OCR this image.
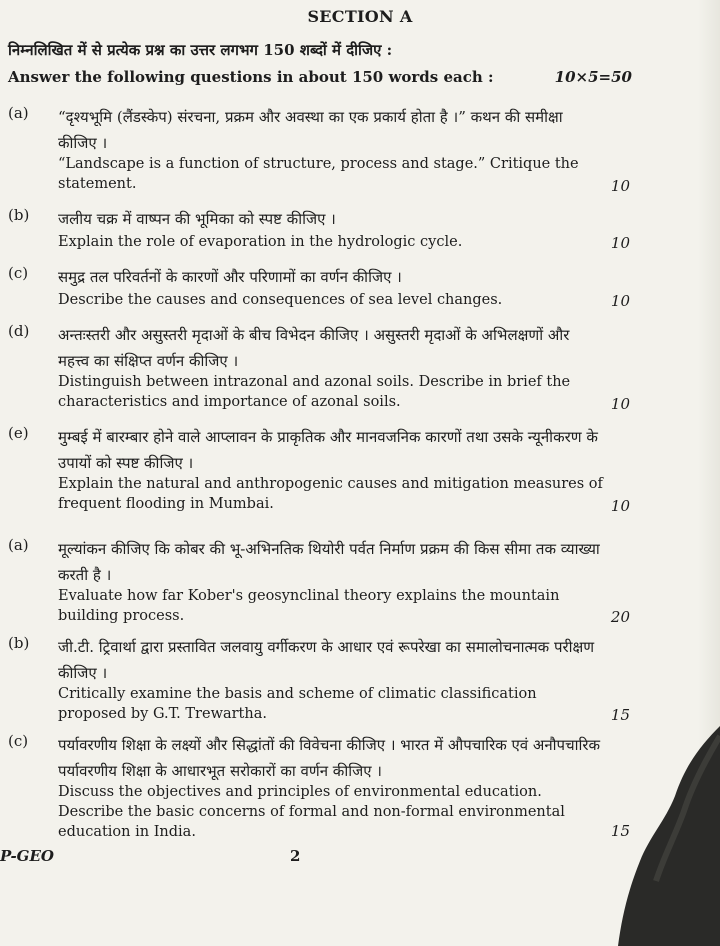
SECTION A
निम्नलिखित में से प्रत्येक प्रश्न का उत्तर लगभग 150 शब्दों में दीजिए :
Answer the following questions in about 150 words each :	10×5=50
(a) “दृश्यभूमि (लैंडस्केप) संरचना, प्रक्रम और अवस्था का एक प्रकार्य होता है ।” कथन की समीक्षा कीजिए ।
“Landscape is a function of structure, process and stage.” Critique the statement.	10
(b) जलीय चक्र में वाष्पन की भूमिका को स्पष्ट कीजिए ।
Explain the role of evaporation in the hydrologic cycle.	10
(c) समुद्र तल परिवर्तनों के कारणों और परिणामों का वर्णन कीजिए ।
Describe the causes and consequences of sea level changes.	10
(d) अन्तःस्तरी और असुस्तरी मृदाओं के बीच विभेदन कीजिए । असुस्तरी मृदाओं के अभिलक्षणों और महत्त्व का संक्षिप्त वर्णन कीजिए ।
Distinguish between intrazonal and azonal soils. Describe in brief the characteristics and importance of azonal soils.	10
(e) मुम्बई में बारम्बार होने वाले आप्लावन के प्राकृतिक और मानवजनिक कारणों तथा उसके न्यूनीकरण के उपायों को स्पष्ट कीजिए ।
Explain the natural and anthropogenic causes and mitigation measures of frequent flooding in Mumbai.	10
(a) मूल्यांकन कीजिए कि कोबर की भू-अभिनतिक थियोरी पर्वत निर्माण प्रक्रम की किस सीमा तक व्याख्या करती है ।
Evaluate how far Kober's geosynclinal theory explains the mountain building process.	20
(b) जी.टी. ट्रिवार्था द्वारा प्रस्तावित जलवायु वर्गीकरण के आधार एवं रूपरेखा का समालोचनात्मक परीक्षण कीजिए ।
Critically examine the basis and scheme of climatic classification proposed by G.T. Trewartha.	15
(c) पर्यावरणीय शिक्षा के लक्ष्यों और सिद्धांतों की विवेचना कीजिए । भारत में औपचारिक एवं अनौपचारिक पर्यावरणीय शिक्षा के आधारभूत सरोकारों का वर्णन कीजिए ।
Discuss the objectives and principles of environmental education. Describe the basic concerns of formal and non-formal environmental education in India.	15
P-GEO	2
